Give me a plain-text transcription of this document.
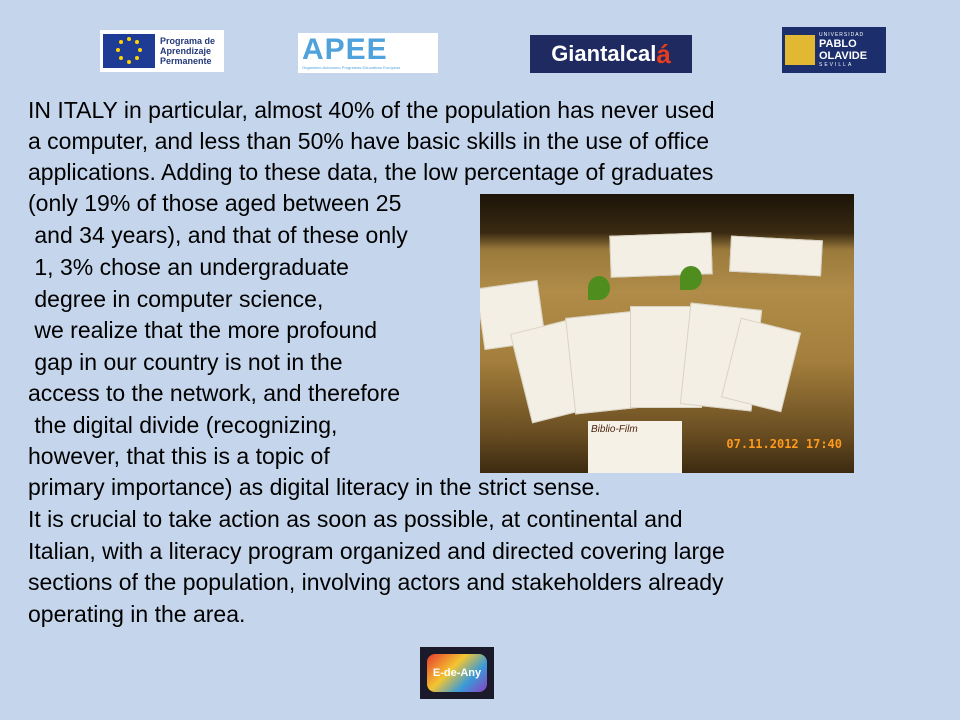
Programa de
Aprendizaje
Permanente	APEE
Organismo Autónomo Programas Educativos Europeos
Giantalcal á
UNIVERSIDAD
PABLO
OLAVIDE
SEVILLA
IN ITALY in particular, almost 40% of the population has never used
a computer, and less than 50% have basic skills in the use of office
applications. Adding to these data, the low percentage of graduates
(only 19% of those aged between 25
and 34 years), and that of these only
1, 3% chose an undergraduate
degree in computer science,
we realize that the more profound
gap in our country is not in the
access to the network, and therefore
the digital divide (recognizing,
however, that this is a topic of
primary importance) as digital literacy in the strict sense.
It is crucial to take action as soon as possible, at continental and
Italian, with a literacy program organized and directed covering large
sections of the population, involving actors and stakeholders already
operating in the area.
Biblio-Film
07.11.2012 17:40
E-de-Any
